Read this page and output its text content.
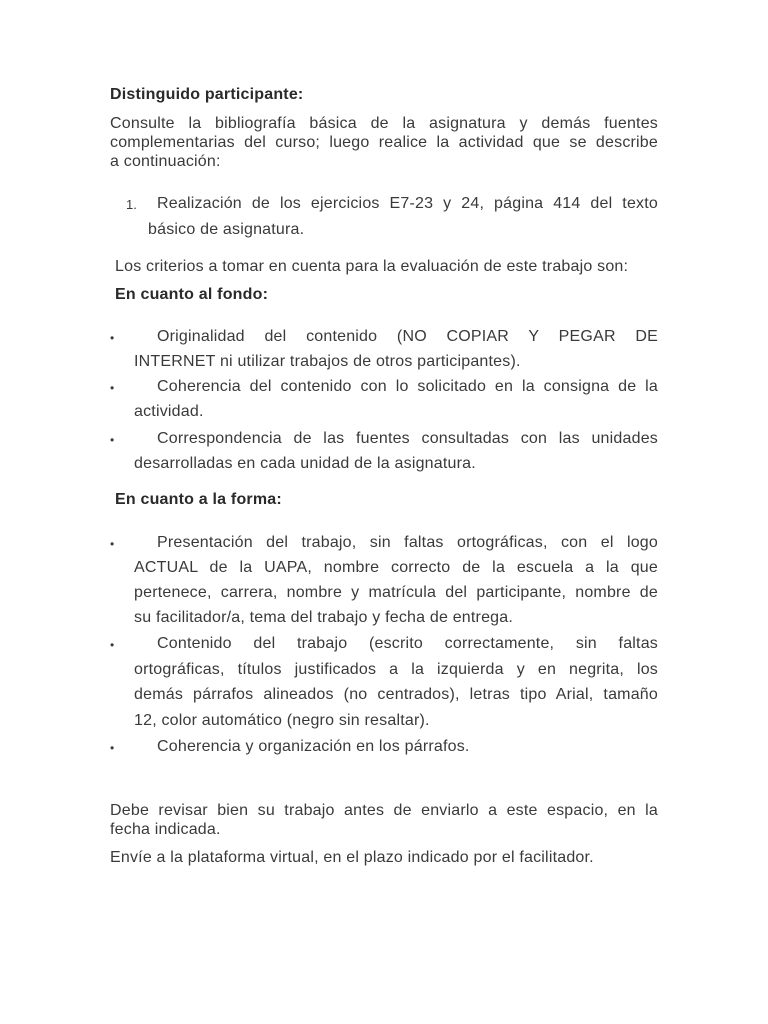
Distinguido participante:
Consulte la bibliografía básica de la asignatura y demás fuentes
complementarias del curso; luego realice la actividad que se describe
a continuación:
1. Realización de los ejercicios E7-23 y 24, página 414 del texto
básico de asignatura.
Los criterios a tomar en cuenta para la evaluación de este trabajo son:
En cuanto al fondo:
•	Originalidad del contenido (NO COPIAR Y PEGAR DE
INTERNET ni utilizar trabajos de otros participantes).
•	Coherencia del contenido con lo solicitado en la consigna de la
actividad.
•	Correspondencia de las fuentes consultadas con las unidades
desarrolladas en cada unidad de la asignatura.
En cuanto a la forma:
•	Presentación del trabajo, sin faltas ortográficas, con el logo
ACTUAL de la UAPA, nombre correcto de la escuela a la que
pertenece, carrera, nombre y matrícula del participante, nombre de
su facilitador/a, tema del trabajo y fecha de entrega.
•	Contenido del trabajo (escrito correctamente, sin faltas
ortográficas, títulos justificados a la izquierda y en negrita, los
demás párrafos alineados (no centrados), letras tipo Arial, tamaño
12, color automático (negro sin resaltar).
•	Coherencia y organización en los párrafos.
Debe revisar bien su trabajo antes de enviarlo a este espacio, en la
fecha indicada.
Envíe a la plataforma virtual, en el plazo indicado por el facilitador.
